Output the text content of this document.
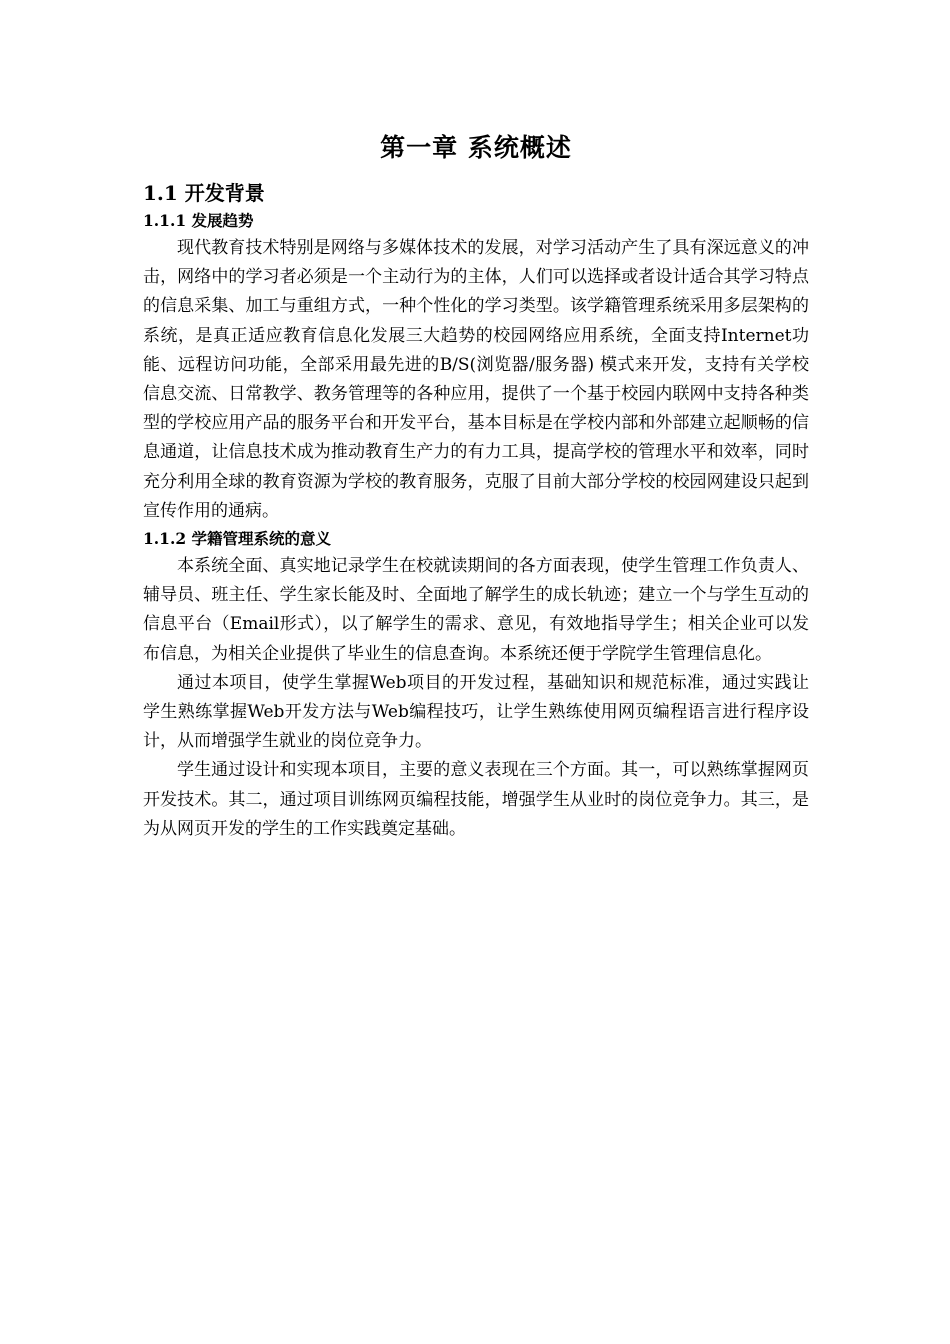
第一章 系统概述
1.1 开发背景
1.1.1 发展趋势

现代教育技术特别是网络与多媒体技术的发展，对学习活动产生了具有深远意义的冲击，网络中的学习者必须是一个主动行为的主体，人们可以选择或者设计适合其学习特点的信息采集、加工与重组方式，一种个性化的学习类型。该学籍管理系统采用多层架构的系统，是真正适应教育信息化发展三大趋势的校园网络应用系统，全面支持Internet功能、远程访问功能，全部采用最先进的B/S(浏览器/服务器) 模式来开发，支持有关学校信息交流、日常教学、教务管理等的各种应用，提供了一个基于校园内联网中支持各种类型的学校应用产品的服务平台和开发平台，基本目标是在学校内部和外部建立起顺畅的信息通道，让信息技术成为推动教育生产力的有力工具，提高学校的管理水平和效率，同时充分利用全球的教育资源为学校的教育服务，克服了目前大部分学校的校园网建设只起到宣传作用的通病。

1.1.2 学籍管理系统的意义

本系统全面、真实地记录学生在校就读期间的各方面表现，使学生管理工作负责人、辅导员、班主任、学生家长能及时、全面地了解学生的成长轨迹；建立一个与学生互动的信息平台（Email形式），以了解学生的需求、意见，有效地指导学生；相关企业可以发布信息，为相关企业提供了毕业生的信息查询。本系统还便于学院学生管理信息化。

通过本项目，使学生掌握Web项目的开发过程，基础知识和规范标准，通过实践让学生熟练掌握Web开发方法与Web编程技巧，让学生熟练使用网页编程语言进行程序设计，从而增强学生就业的岗位竞争力。

学生通过设计和实现本项目，主要的意义表现在三个方面。其一，可以熟练掌握网页开发技术。其二，通过项目训练网页编程技能，增强学生从业时的岗位竞争力。其三，是为从网页开发的学生的工作实践奠定基础。
